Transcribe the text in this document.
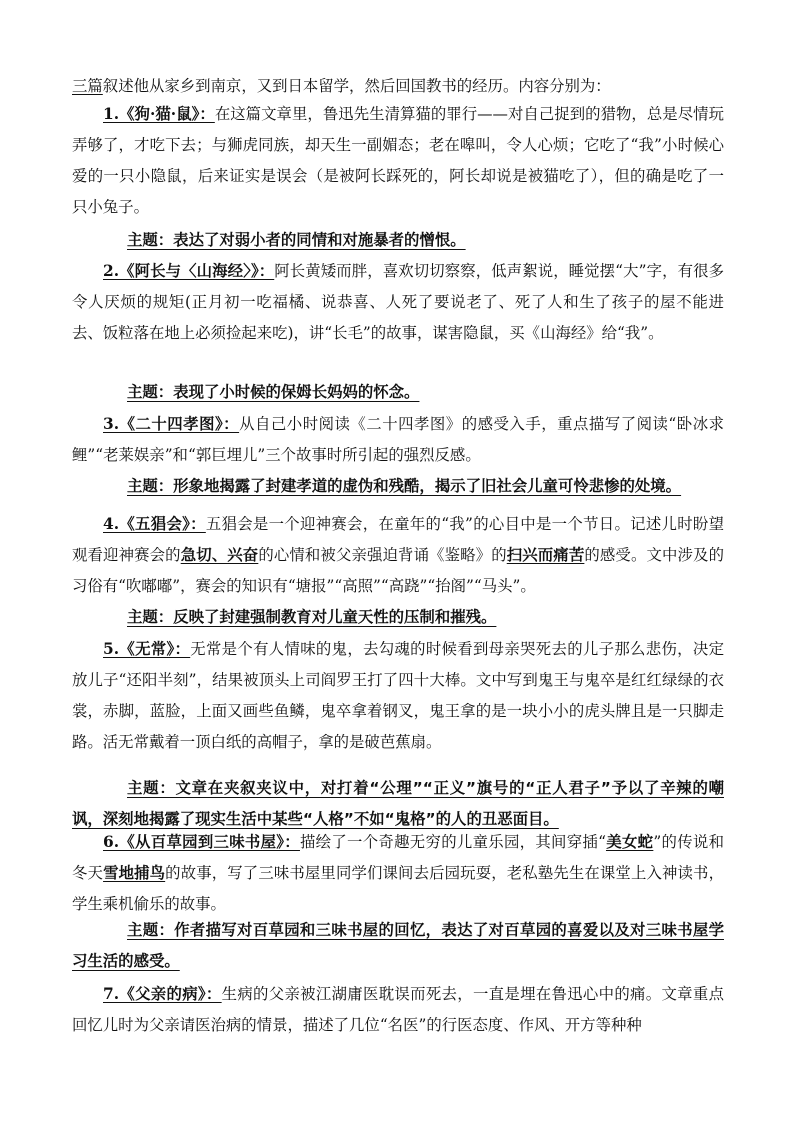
三篇叙述他从家乡到南京，又到日本留学，然后回国教书的经历。内容分别为：

1.《狗·猫·鼠》：在这篇文章里，鲁迅先生清算猫的罪行——对自己捉到的猎物，总是尽情玩弄够了，才吃下去；与狮虎同族，却天生一副媚态；老在嗥叫，令人心烦；它吃了“我”小时候心爱的一只小隐鼠，后来证实是误会（是被阿长踩死的，阿长却说是被猫吃了），但的确是吃了一只小兔子。

主题：表达了对弱小者的同情和对施暴者的憎恨。

2.《阿长与〈山海经〉》：阿长黄矮而胖，喜欢切切察察，低声絮说，睡觉摆“大”字，有很多令人厌烦的规矩(正月初一吃福橘、说恭喜、人死了要说老了、死了人和生了孩子的屋不能进去、饭粒落在地上必须捡起来吃)，讲“长毛”的故事，谋害隐鼠，买《山海经》给“我”。

主题：表现了小时候的保姆长妈妈的怀念。

3.《二十四孝图》：从自己小时阅读《二十四孝图》的感受入手，重点描写了阅读“卧冰求鲤”“老莱娱亲”和“郭巨埋儿”三个故事时所引起的强烈反感。

主题：形象地揭露了封建孝道的虚伪和残酷，揭示了旧社会儿童可怜悲惨的处境。

4.《五猖会》：五猖会是一个迎神赛会，在童年的“我”的心目中是一个节日。记述儿时盼望观看迎神赛会的急切、兴奋的心情和被父亲强迫背诵《鉴略》的扫兴而痛苦的感受。文中涉及的习俗有“吹嘟嘟”，赛会的知识有“塘报”“高照”“高跷”“抬阁”“马头”。

主题：反映了封建强制教育对儿童天性的压制和摧残。

5.《无常》：无常是个有人情味的鬼，去勾魂的时候看到母亲哭死去的儿子那么悲伤，决定放儿子“还阳半刻”，结果被顶头上司阎罗王打了四十大棒。文中写到鬼王与鬼卒是红红绿绿的衣裳，赤脚，蓝脸，上面又画些鱼鳞，鬼卒拿着钢叉，鬼王拿的是一块小小的虎头牌且是一只脚走路。活无常戴着一顶白纸的高帽子，拿的是破芭蕉扇。

主题：文章在夹叙夹议中，对打着“公理”“正义”旗号的“正人君子”予以了辛辣的嘲讽，深刻地揭露了现实生活中某些“人格”不如“鬼格”的人的丑恶面目。

6.《从百草园到三味书屋》：描绘了一个奇趣无穷的儿童乐园，其间穿插“美女蛇”的传说和冬天雪地捕鸟的故事，写了三味书屋里同学们课间去后园玩耍，老私塾先生在课堂上入神读书，学生乘机偷乐的故事。

主题：作者描写对百草园和三味书屋的回忆，表达了对百草园的喜爱以及对三味书屋学习生活的感受。

7.《父亲的病》：生病的父亲被江湖庸医耽误而死去，一直是埋在鲁迅心中的痛。文章重点回忆儿时为父亲请医治病的情景，描述了几位“名医”的行医态度、作风、开方等种种
